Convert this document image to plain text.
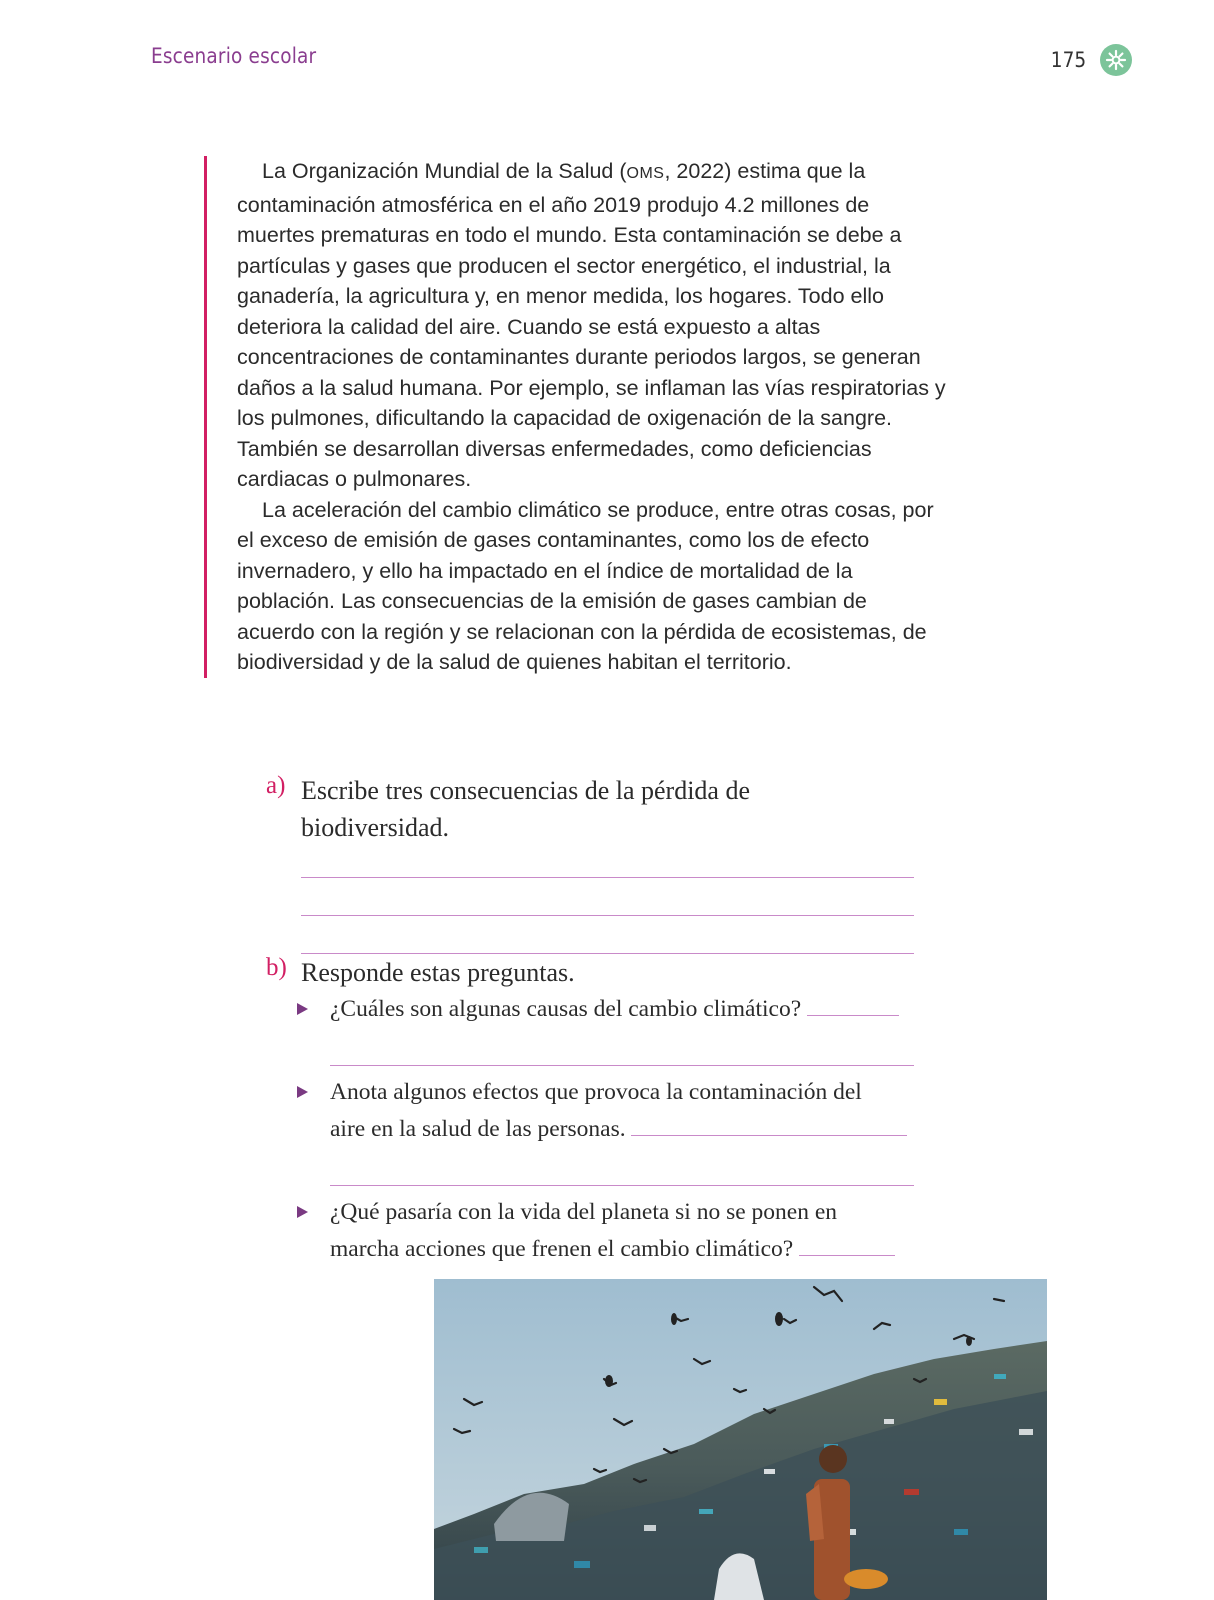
Escenario escolar	175

La Organización Mundial de la Salud (OMS, 2022) estima que la contaminación atmosférica en el año 2019 produjo 4.2 millones de muertes prematuras en todo el mundo. Esta contaminación se debe a partículas y gases que producen el sector energético, el industrial, la ganadería, la agricultura y, en menor medida, los hogares. Todo ello deteriora la calidad del aire. Cuando se está expuesto a altas concentraciones de contaminantes durante periodos largos, se generan daños a la salud humana. Por ejemplo, se inflaman las vías respiratorias y los pulmones, dificultando la capacidad de oxigenación de la sangre. También se desarrollan diversas enfermedades, como deficiencias cardiacas o pulmonares.

La aceleración del cambio climático se produce, entre otras cosas, por el exceso de emisión de gases contaminantes, como los de efecto invernadero, y ello ha impactado en el índice de mortalidad de la población. Las consecuencias de la emisión de gases cambian de acuerdo con la región y se relacionan con la pérdida de ecosistemas, de biodiversidad y de la salud de quienes habitan el territorio.

a) Escribe tres consecuencias de la pérdida de
biodiversidad.
b) Responde estas preguntas.
¿Cuáles son algunas causas del cambio climático?
Anota algunos efectos que provoca la contaminación del
aire en la salud de las personas.
¿Qué pasaría con la vida del planeta si no se ponen en
marcha acciones que frenen el cambio climático?
